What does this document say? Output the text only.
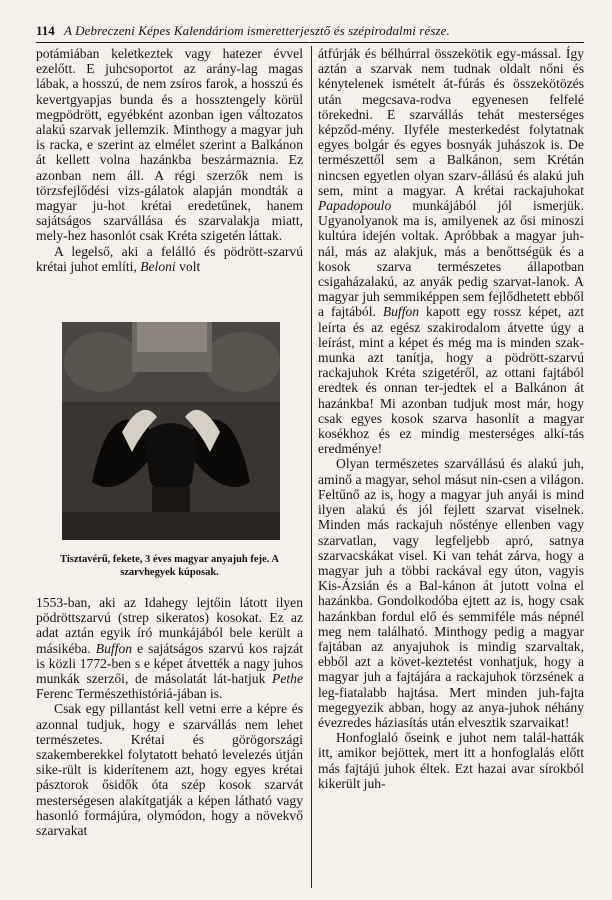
114 A Debreczeni Képes Kalendáriom ismeretterjesztő és szépirodalmi része.

potámiában keletkeztek vagy hatezer évvel ezelőtt. E juhcsoportot az arány-lag magas lábak, a hosszú, de nem zsíros farok, a hosszú és kevertgyapjas bunda és a hossztengely körül megpödrött, egyébként azonban igen változatos alakú szarvak jellemzik. Minthogy a magyar juh is racka, e szerint az elmélet szerint a Balkánon át kellett volna hazánkba beszármaznia. Ez azonban nem áll. A régi szerzők nem is törzsfejlődési vizs-gálatok alapján mondták a magyar ju-hot krétai eredetűnek, hanem sajátságos szarvállása és szarvalakja miatt, mely-hez hasonlót csak Kréta szigetén láttak.

A legelső, aki a felálló és pödrött-szarvú krétai juhot említi, Beloni volt

Tisztavérű, fekete, 3 éves magyar anyajuh feje. A szarvhegyek kúposak.

1553-ban, aki az Idahegy lejtőin látott ilyen pödröttszarvú (strep sikeratos) kosokat. Ez az adat aztán egyik író munkájából bele került a másikéba. Buffon e sajátságos szarvú kos rajzát is közli 1772-ben s e képet átvették a nagy juhos munkák szerzői, de másolatát lát-hatjuk Pethe Ferenc Természethistóriá-jában is.

Csak egy pillantást kell vetni erre a képre és azonnal tudjuk, hogy e szarvállás nem lehet természetes. Krétai és görögországi szakemberekkel folytatott beható levelezés útján sike-rült is kiderítenem azt, hogy egyes krétai pásztorok ősidők óta szép kosok szarvát mesterségesen alakítgatják a képen látható vagy hasonló formájúra, olymódon, hogy a növekvő szarvakat

átfúrják és bélhúrral összekötik egy-mással. Így aztán a szarvak nem tudnak oldalt nőni és kénytelenek ismételt át-fúrás és összekötözés után megcsava-rodva egyenesen felfelé törekedni. E szarvállás tehát mesterséges képződ-mény. Ilyféle mesterkedést folytatnak egyes bolgár és egyes bosnyák juhászok is. De természettől sem a Balkánon, sem Krétán nincsen egyetlen olyan szarv-állású és alakú juh sem, mint a magyar. A krétai rackajuhokat Papadopoulo munkájából jól ismerjük. Ugyanolyanok ma is, amilyenek az ősi minoszi kultúra idején voltak. Apróbbak a magyar juh-nál, más az alakjuk, más a benőttségük és a kosok szarva természetes állapotban csigaházalakú, az anyák pedig szarvat-lanok. A magyar juh semmiképpen sem fejlődhetett ebből a fajtából. Buffon kapott egy rossz képet, azt leírta és az egész szakirodalom átvette úgy a leírást, mint a képet és még ma is minden szak-munka azt tanítja, hogy a pödrött-szarvú rackajuhok Kréta szigetéről, az ottani fajtából eredtek és onnan ter-jedtek el a Balkánon át hazánkba! Mi azonban tudjuk most már, hogy csak egyes kosok szarva hasonlít a magyar kosékhoz és ez mindig mesterséges alkí-tás eredménye!

Olyan természetes szarvállású és alakú juh, aminő a magyar, sehol másut nin-csen a világon. Feltűnő az is, hogy a magyar juh anyái is mind ilyen alakú és jól fejlett szarvat viselnek. Minden más rackajuh nősténye ellenben vagy szarvatlan, vagy legfeljebb apró, satnya szarvacskákat visel. Ki van tehát zárva, hogy a magyar juh a többi rackával egy úton, vagyis Kis-Ázsián és a Bal-kánon át jutott volna el hazánkba. Gondolkodóba ejtett az is, hogy csak hazánkban fordul elő és semmiféle más népnél meg nem található. Minthogy pedig a magyar fajtában az anyajuhok is mindig szarvaltak, ebből azt a követ-keztetést vonhatjuk, hogy a magyar juh a fajtájára a rackajuhok törzsének a leg-fiatalabb hajtása. Mert minden juh-fajta megegyezik abban, hogy az anya-juhok néhány évezredes háziasítás után elvesztik szarvaikat!

Honfoglaló őseink e juhot nem talál-hatták itt, amikor bejöttek, mert itt a honfoglalás előtt más fajtájú juhok éltek. Ezt hazai avar sírokból kikerült juh-
